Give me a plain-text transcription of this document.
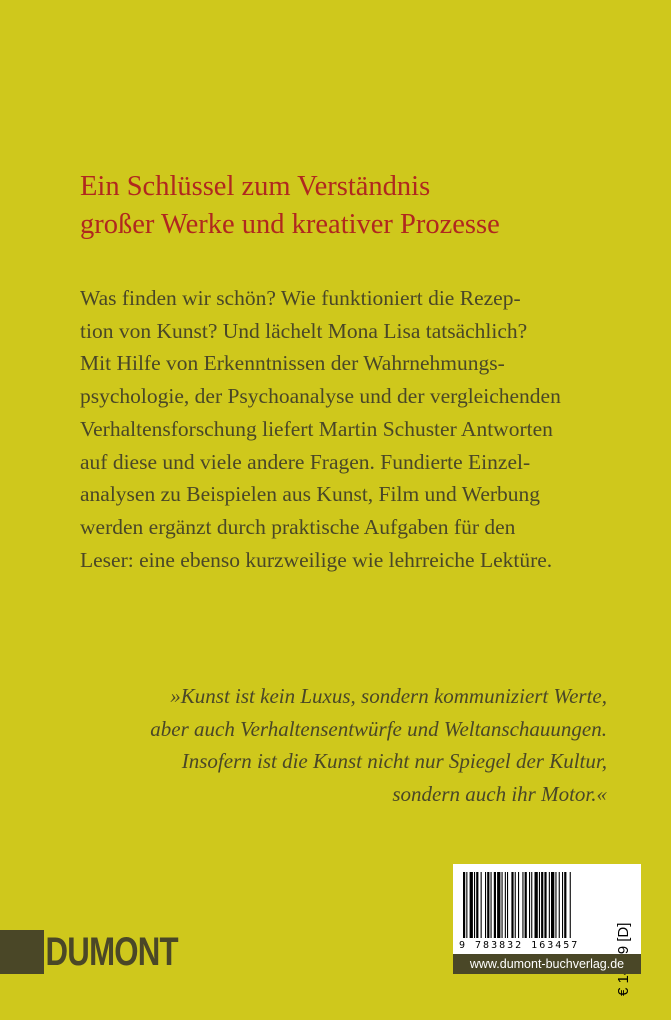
Ein Schlüssel zum Verständnis
großer Werke und kreativer Prozesse
Was finden wir schön? Wie funktioniert die Rezep-
tion von Kunst? Und lächelt Mona Lisa tatsächlich?
Mit Hilfe von Erkenntnissen der Wahrnehmungs-
psychologie, der Psychoanalyse und der vergleichenden
Verhaltensforschung liefert Martin Schuster Antworten
auf diese und viele andere Fragen. Fundierte Einzel-
analysen zu Beispielen aus Kunst, Film und Werbung
werden ergänzt durch praktische Aufgaben für den
Leser: eine ebenso kurzweilige wie lehrreiche Lektüre.
»Kunst ist kein Luxus, sondern kommuniziert Werte,
aber auch Verhaltensentwürfe und Weltanschauungen.
Insofern ist die Kunst nicht nur Spiegel der Kultur,
sondern auch ihr Motor.«
DUMONT	9 783832 163457
www.dumont-buchverlag.de
